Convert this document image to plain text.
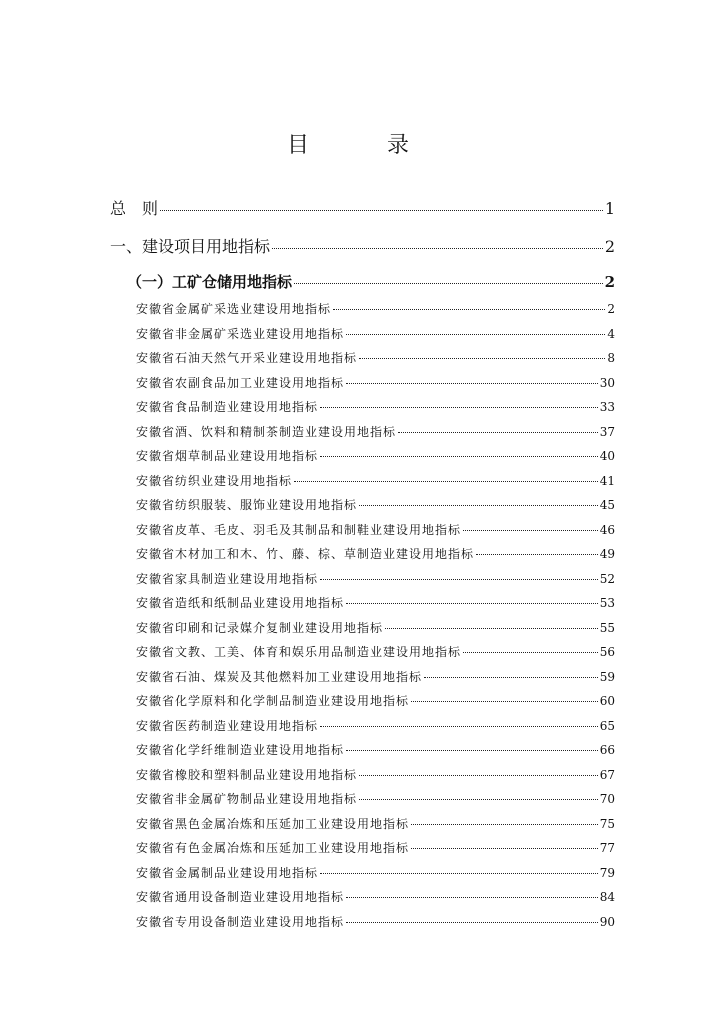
目　录
总　则	1
一、建设项目用地指标	2
（一）工矿仓储用地指标	2
安徽省金属矿采选业建设用地指标	2
安徽省非金属矿采选业建设用地指标	4
安徽省石油天然气开采业建设用地指标	8
安徽省农副食品加工业建设用地指标	30
安徽省食品制造业建设用地指标	33
安徽省酒、饮料和精制茶制造业建设用地指标	37
安徽省烟草制品业建设用地指标	40
安徽省纺织业建设用地指标	41
安徽省纺织服装、服饰业建设用地指标	45
安徽省皮革、毛皮、羽毛及其制品和制鞋业建设用地指标	46
安徽省木材加工和木、竹、藤、棕、草制造业建设用地指标	49
安徽省家具制造业建设用地指标	52
安徽省造纸和纸制品业建设用地指标	53
安徽省印刷和记录媒介复制业建设用地指标	55
安徽省文教、工美、体育和娱乐用品制造业建设用地指标	56
安徽省石油、煤炭及其他燃料加工业建设用地指标	59
安徽省化学原料和化学制品制造业建设用地指标	60
安徽省医药制造业建设用地指标	65
安徽省化学纤维制造业建设用地指标	66
安徽省橡胶和塑料制品业建设用地指标	67
安徽省非金属矿物制品业建设用地指标	70
安徽省黑色金属冶炼和压延加工业建设用地指标	75
安徽省有色金属冶炼和压延加工业建设用地指标	77
安徽省金属制品业建设用地指标	79
安徽省通用设备制造业建设用地指标	84
安徽省专用设备制造业建设用地指标	90
